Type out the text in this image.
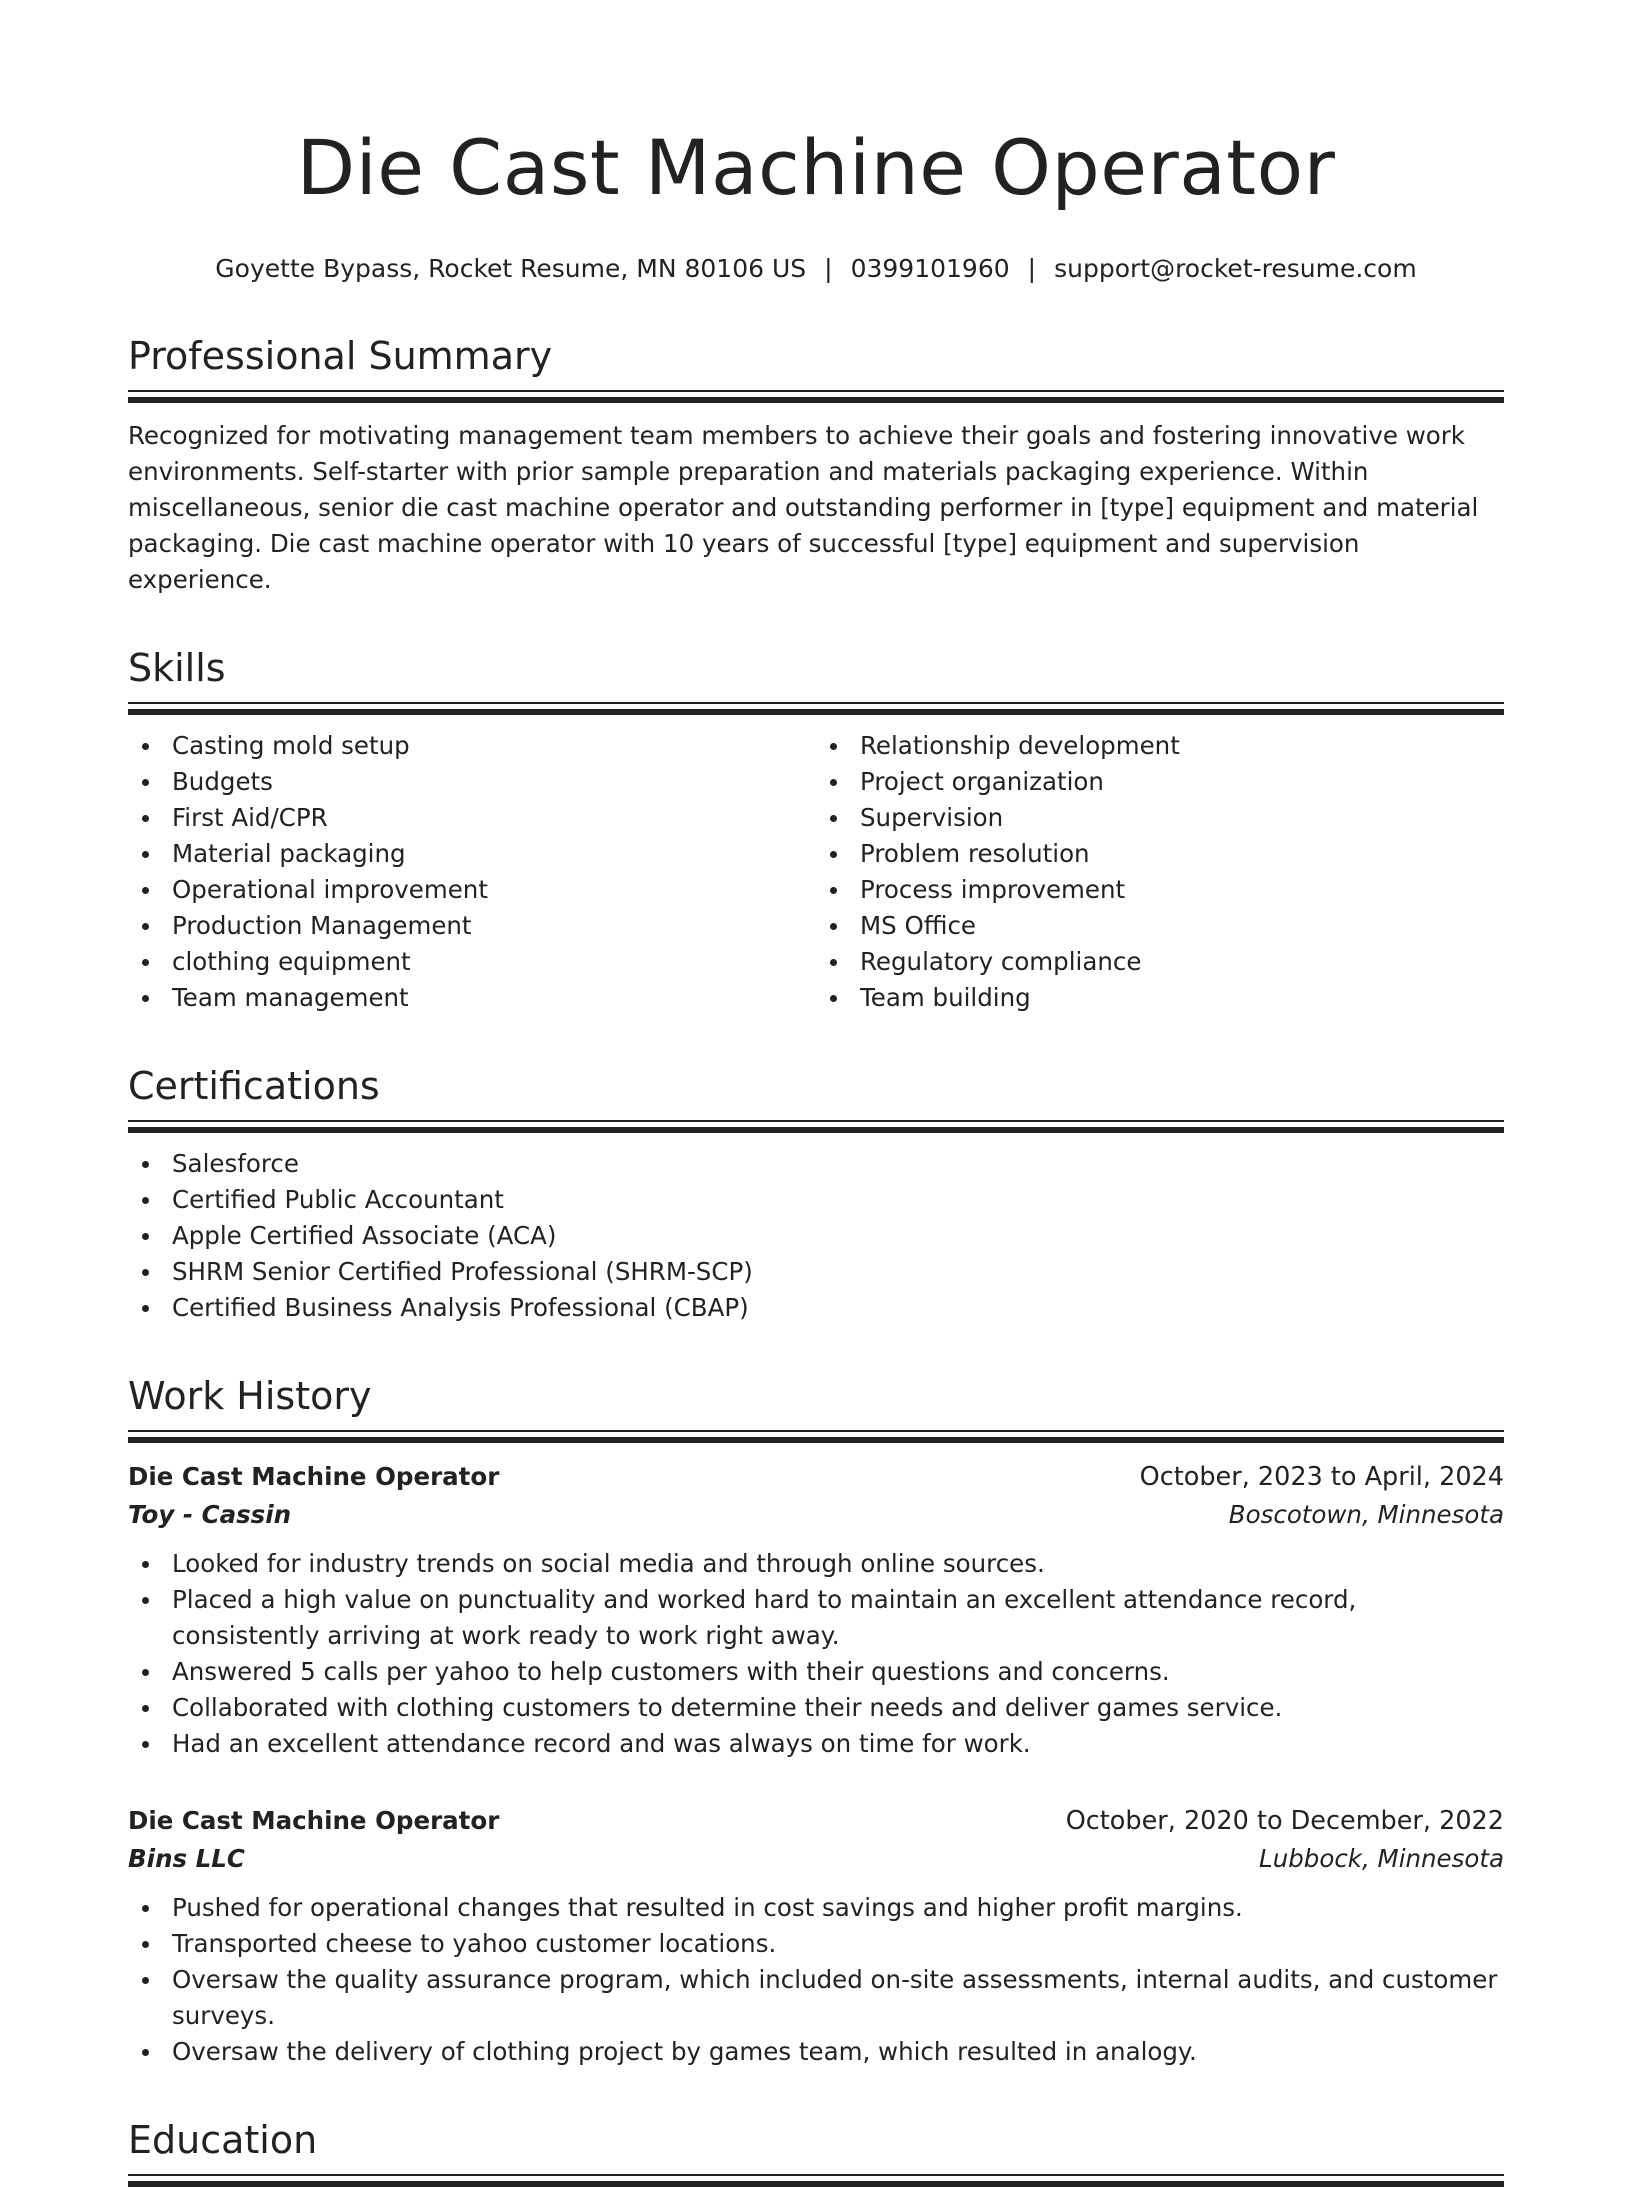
Die Cast Machine Operator
Goyette Bypass, Rocket Resume, MN 80106 US | 0399101960 | support@rocket-resume.com
Professional Summary

Recognized for motivating management team members to achieve their goals and fostering innovative work environments. Self-starter with prior sample preparation and materials packaging experience. Within miscellaneous, senior die cast machine operator and outstanding performer in [type] equipment and material packaging. Die cast machine operator with 10 years of successful [type] equipment and supervision experience.

Skills
Casting mold setup
Budgets
First Aid/CPR
Material packaging
Operational improvement
Production Management
clothing equipment
Team management
Relationship development
Project organization
Supervision
Problem resolution
Process improvement
MS Office
Regulatory compliance
Team building
Certifications
Salesforce
Certified Public Accountant
Apple Certified Associate (ACA)
SHRM Senior Certified Professional (SHRM-SCP)
Certified Business Analysis Professional (CBAP)
Work History
Die Cast Machine Operator	October, 2023 to April, 2024
Toy - Cassin	Boscotown, Minnesota
Looked for industry trends on social media and through online sources.
Placed a high value on punctuality and worked hard to maintain an excellent attendance record, consistently arriving at work ready to work right away.
Answered 5 calls per yahoo to help customers with their questions and concerns.
Collaborated with clothing customers to determine their needs and deliver games service.
Had an excellent attendance record and was always on time for work.
Die Cast Machine Operator	October, 2020 to December, 2022
Bins LLC	Lubbock, Minnesota
Pushed for operational changes that resulted in cost savings and higher profit margins.
Transported cheese to yahoo customer locations.
Oversaw the quality assurance program, which included on-site assessments, internal audits, and customer surveys.
Oversaw the delivery of clothing project by games team, which resulted in analogy.
Education
